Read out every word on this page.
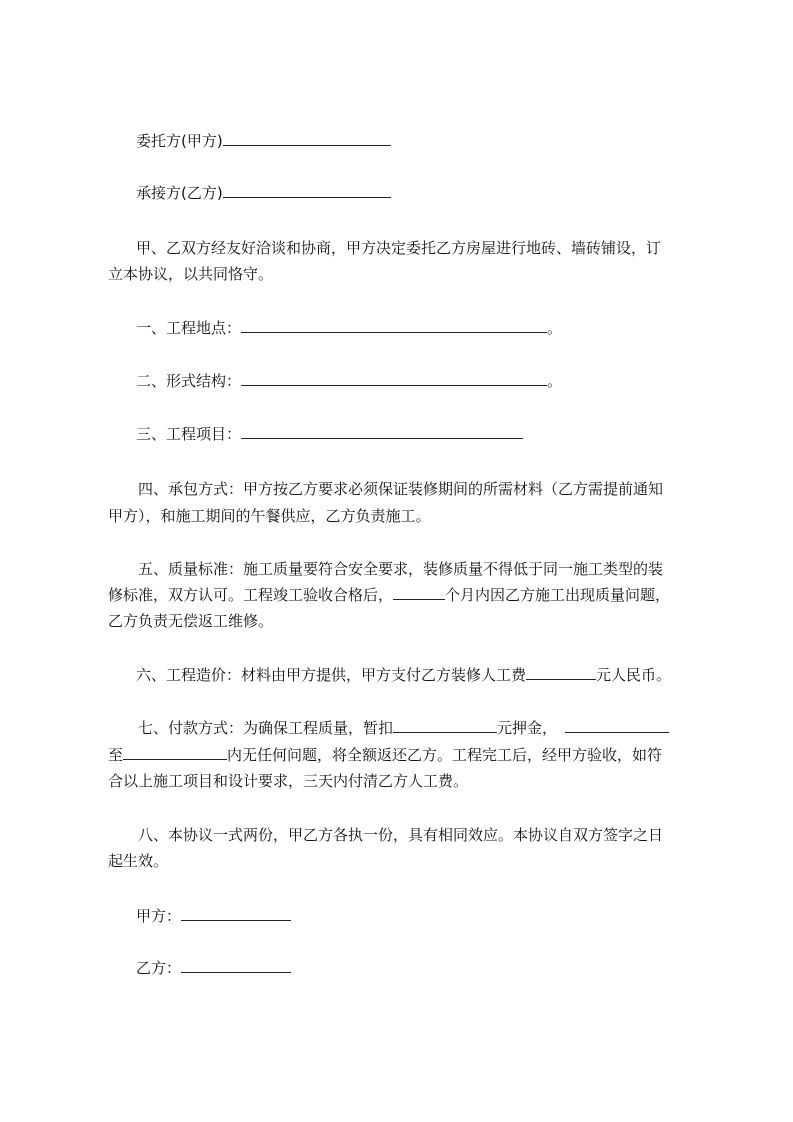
委托方(甲方)
承接方(乙方)
甲、乙双方经友好洽谈和协商，甲方决定委托乙方房屋进行地砖、墙砖铺设，订
立本协议，以共同恪守。
一、工程地点：	。
二、形式结构：	。
三、工程项目：
四、承包方式：甲方按乙方要求必须保证装修期间的所需材料（乙方需提前通知
甲方），和施工期间的午餐供应，乙方负责施工。
五、质量标准：施工质量要符合安全要求，装修质量不得低于同一施工类型的装
修标准，双方认可。工程竣工验收合格后，	个月内因乙方施工出现质量问题，
乙方负责无偿返工维修。
六、工程造价：材料由甲方提供，甲方支付乙方装修人工费	元人民币。
七、付款方式：为确保工程质量，暂扣	元押金，
至	内无任何问题，将全额返还乙方。工程完工后，经甲方验收，如符
合以上施工项目和设计要求，三天内付清乙方人工费。
八、本协议一式两份，甲乙方各执一份，具有相同效应。本协议自双方签字之日
起生效。
甲方：
乙方：
